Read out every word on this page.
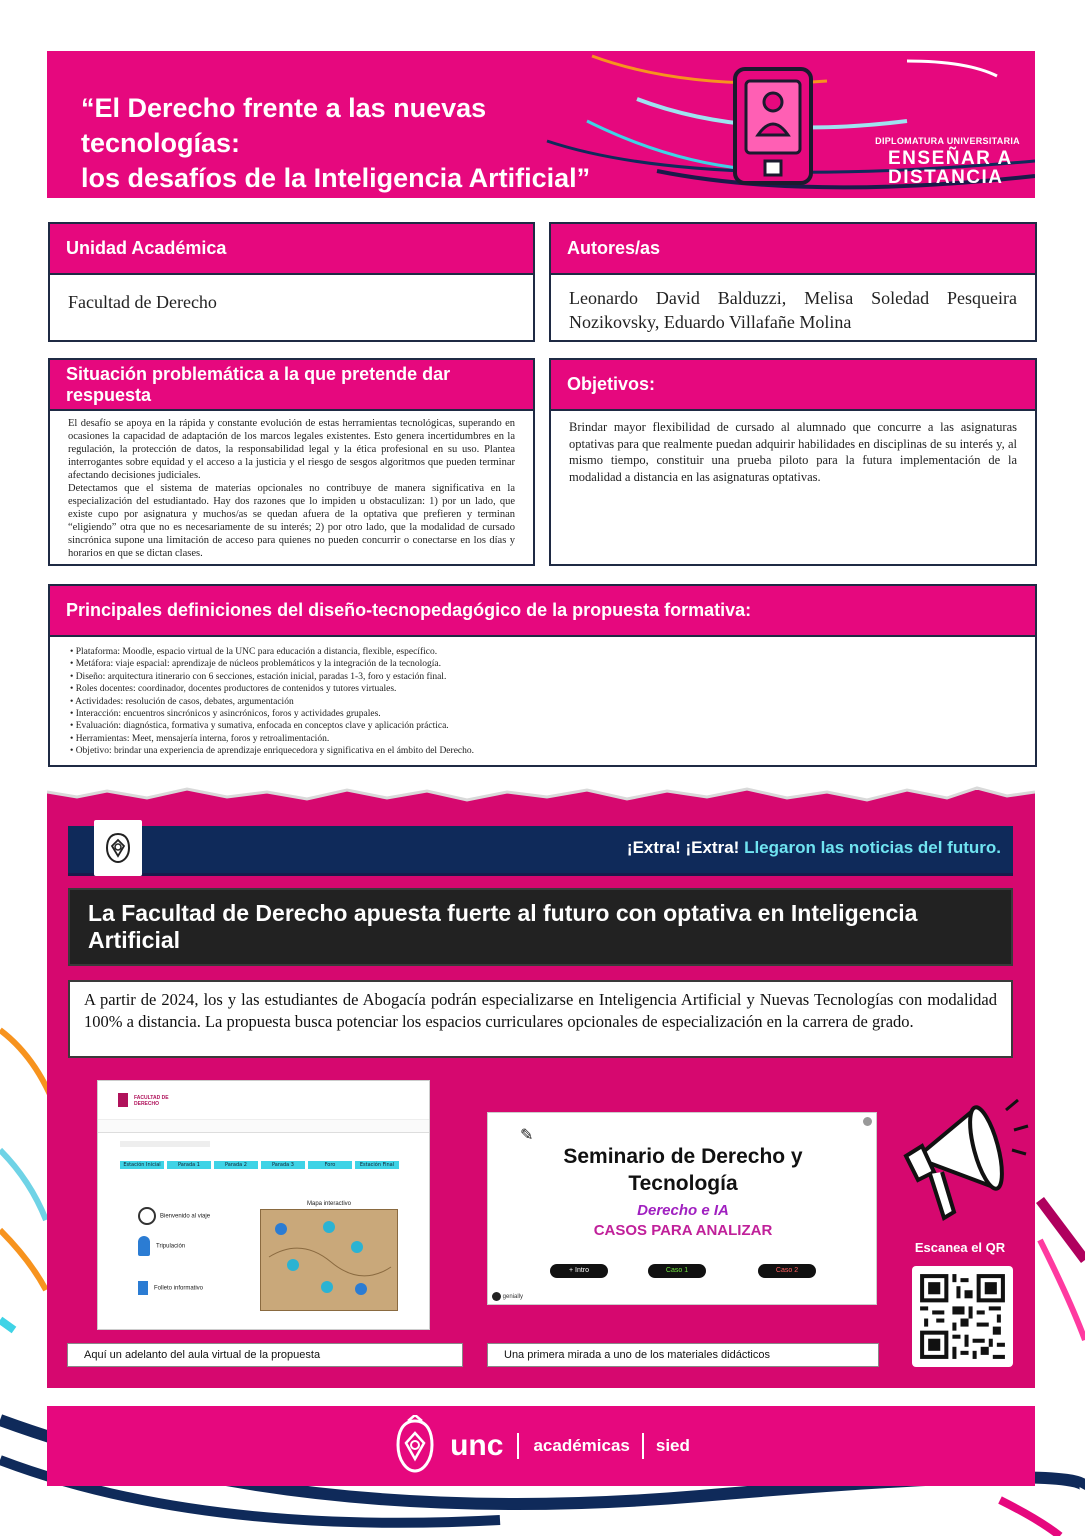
“El Derecho frente a las nuevas tecnologías:
los desafíos de la Inteligencia Artificial”
DIPLOMATURA UNIVERSITARIA
ENSEÑAR A
DISTANCIA
Unidad Académica
Facultad de Derecho
Autores/as
Leonardo David Balduzzi, Melisa Soledad Pesqueira Nozikovsky, Eduardo Villafañe Molina
Situación problemática a la que pretende dar respuesta
El desafío se apoya en la rápida y constante evolución de estas herramientas tecnológicas, superando en ocasiones la capacidad de adaptación de los marcos legales existentes. Esto genera incertidumbres en la regulación, la protección de datos, la responsabilidad legal y la ética profesional en su uso. Plantea interrogantes sobre equidad y el acceso a la justicia y el riesgo de sesgos algoritmos que pueden terminar afectando decisiones judiciales.
Detectamos que el sistema de materias opcionales no contribuye de manera significativa en la especialización del estudiantado. Hay dos razones que lo impiden u obstaculizan: 1) por un lado, que existe cupo por asignatura y muchos/as se quedan afuera de la optativa que prefieren y terminan “eligiendo” otra que no es necesariamente de su interés; 2) por otro lado, que la modalidad de cursado sincrónica supone una limitación de acceso para quienes no pueden concurrir o conectarse en los días y horarios en que se dictan clases.
Objetivos:
Brindar mayor flexibilidad de cursado al alumnado que concurre a las asignaturas optativas para que realmente puedan adquirir habilidades en disciplinas de su interés y, al mismo tiempo, constituir una prueba piloto para la futura implementación de la modalidad a distancia en las asignaturas optativas.
Principales definiciones del diseño-tecnopedagógico de la propuesta formativa:
• Plataforma: Moodle, espacio virtual de la UNC para educación a distancia, flexible, específico.
• Metáfora: viaje espacial: aprendizaje de núcleos problemáticos y la integración de la tecnología.
• Diseño: arquitectura itinerario con 6 secciones, estación inicial, paradas 1-3, foro y estación final.
• Roles docentes: coordinador, docentes productores de contenidos y tutores virtuales.
• Actividades: resolución de casos, debates, argumentación
• Interacción: encuentros sincrónicos y asincrónicos, foros y actividades grupales.
• Evaluación: diagnóstica, formativa y sumativa, enfocada en conceptos clave y aplicación práctica.
• Herramientas: Meet, mensajería interna, foros y retroalimentación.
• Objetivo: brindar una experiencia de aprendizaje enriquecedora y significativa en el ámbito del Derecho.
¡Extra! ¡Extra! Llegaron las noticias del futuro.
La Facultad de Derecho apuesta fuerte al futuro con optativa en Inteligencia Artificial
A partir de 2024, los y las estudiantes de Abogacía podrán especializarse en Inteligencia Artificial y Nuevas Tecnologías con modalidad 100% a distancia. La propuesta busca potenciar los espacios curriculares opcionales de especialización en la carrera de grado.
FACULTAD DE DERECHO
Estación Inicial	Parada 1	Parada 2	Parada 3	Foro	Estación Final
Bienvenido al viaje
Tripulación
Folleto informativo
Mapa interactivo
✎
Seminario de Derecho y
Tecnología
Derecho e IA
CASOS PARA ANALIZAR
+ Intro	Caso 1	Caso 2
genially
Aquí un adelanto del aula virtual de la propuesta	Una primera mirada a uno de los materiales didácticos
Escanea el QR
unc académicas sied
